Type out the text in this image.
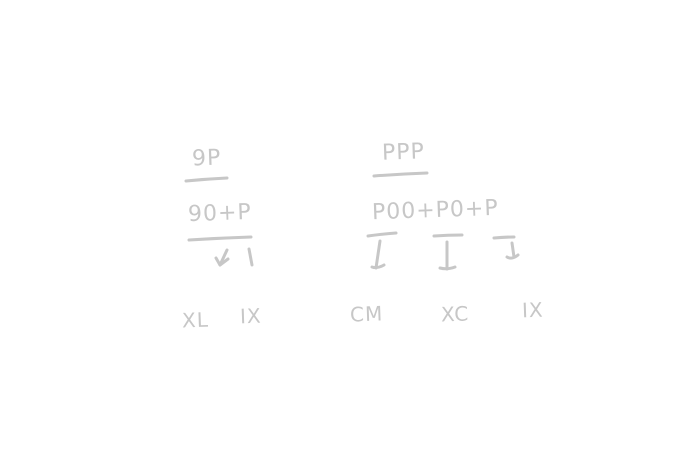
9P
90+P
XL IX
PPP
P00+P0+P
CM	XC	IX
